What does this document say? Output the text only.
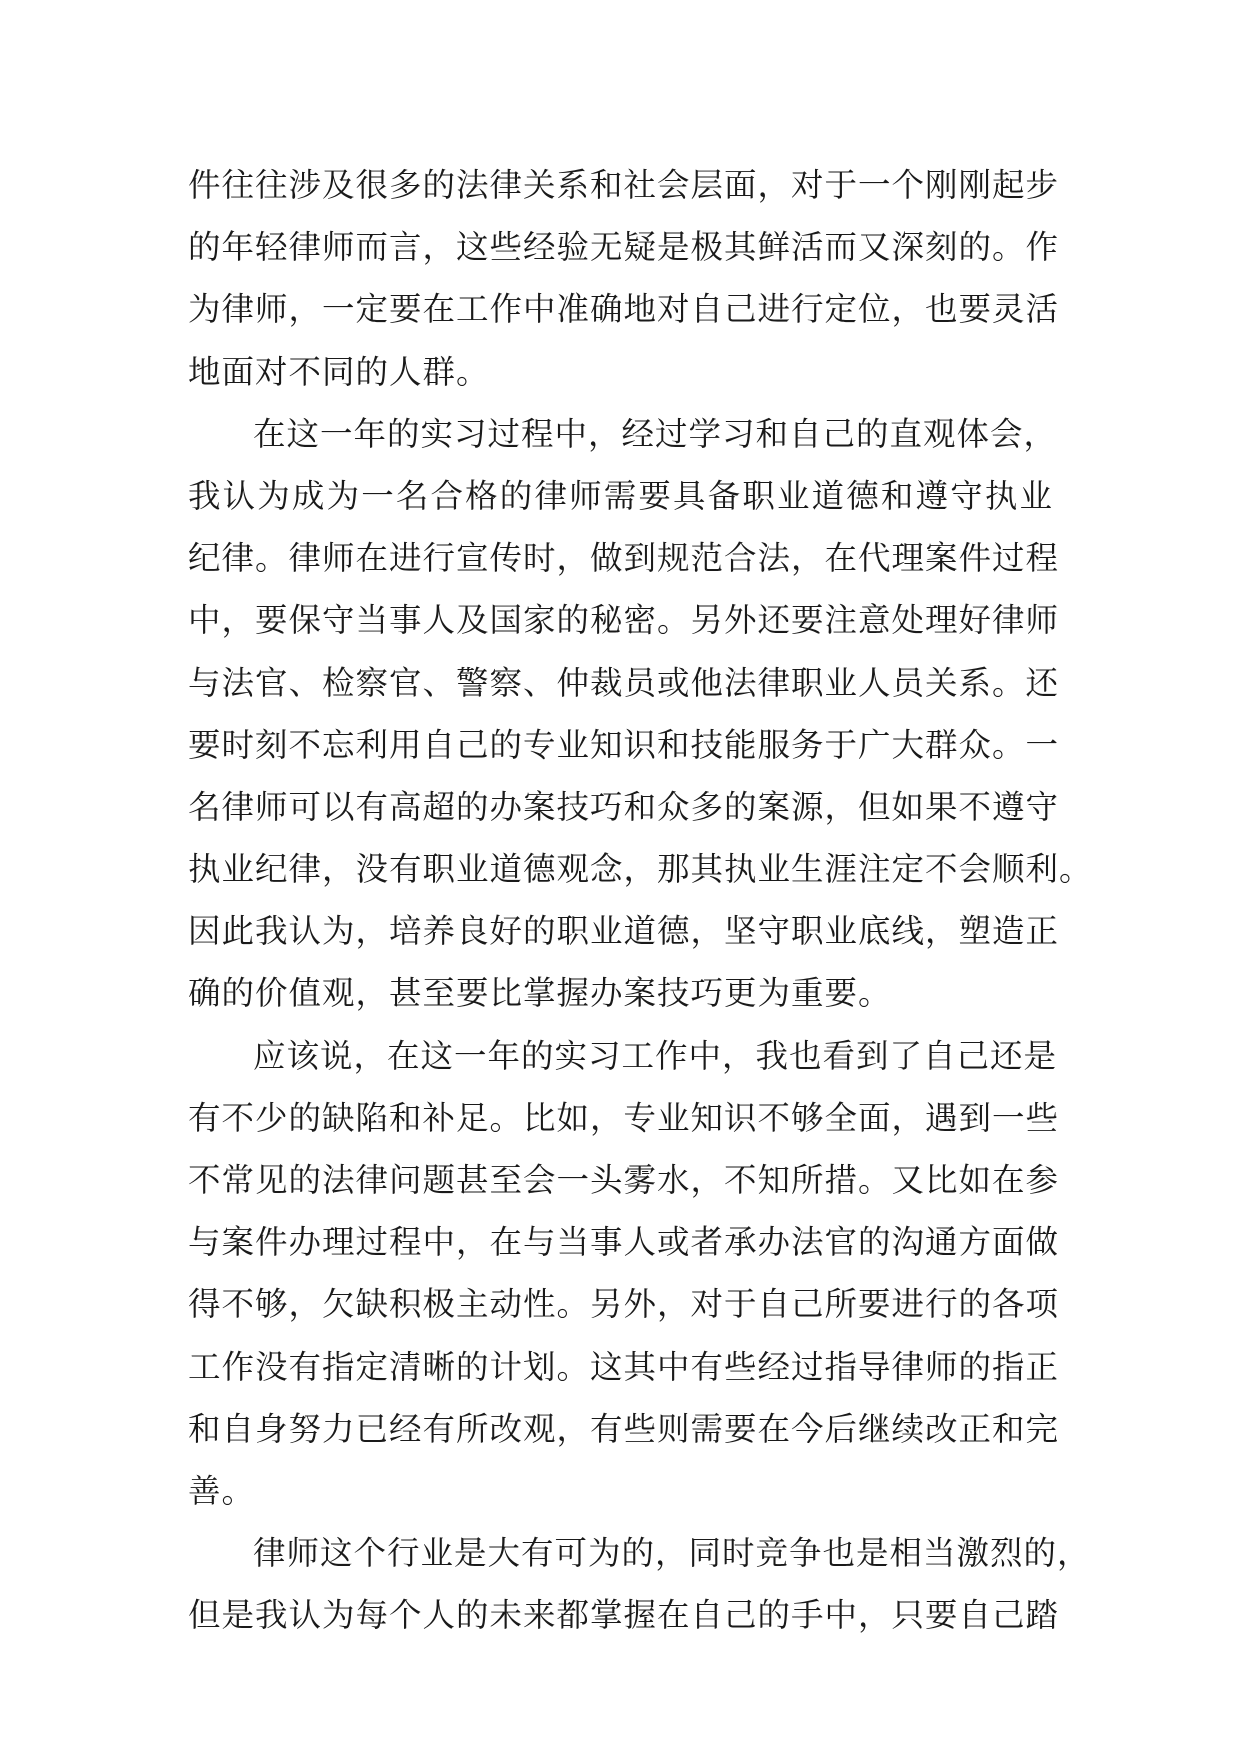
件往往涉及很多的法律关系和社会层面，对于一个刚刚起步
的年轻律师而言，这些经验无疑是极其鲜活而又深刻的。作
为律师，一定要在工作中准确地对自己进行定位，也要灵活
地面对不同的人群。
在这一年的实习过程中，经过学习和自己的直观体会，
我认为成为一名合格的律师需要具备职业道德和遵守执业
纪律。律师在进行宣传时，做到规范合法，在代理案件过程
中，要保守当事人及国家的秘密。另外还要注意处理好律师
与法官、检察官、警察、仲裁员或他法律职业人员关系。还
要时刻不忘利用自己的专业知识和技能服务于广大群众。一
名律师可以有高超的办案技巧和众多的案源，但如果不遵守
执业纪律，没有职业道德观念，那其执业生涯注定不会顺利。
因此我认为，培养良好的职业道德，坚守职业底线，塑造正
确的价值观，甚至要比掌握办案技巧更为重要。
应该说，在这一年的实习工作中，我也看到了自己还是
有不少的缺陷和补足。比如，专业知识不够全面，遇到一些
不常见的法律问题甚至会一头雾水，不知所措。又比如在参
与案件办理过程中，在与当事人或者承办法官的沟通方面做
得不够，欠缺积极主动性。另外，对于自己所要进行的各项
工作没有指定清晰的计划。这其中有些经过指导律师的指正
和自身努力已经有所改观，有些则需要在今后继续改正和完
善。
律师这个行业是大有可为的，同时竞争也是相当激烈的，
但是我认为每个人的未来都掌握在自己的手中，只要自己踏
